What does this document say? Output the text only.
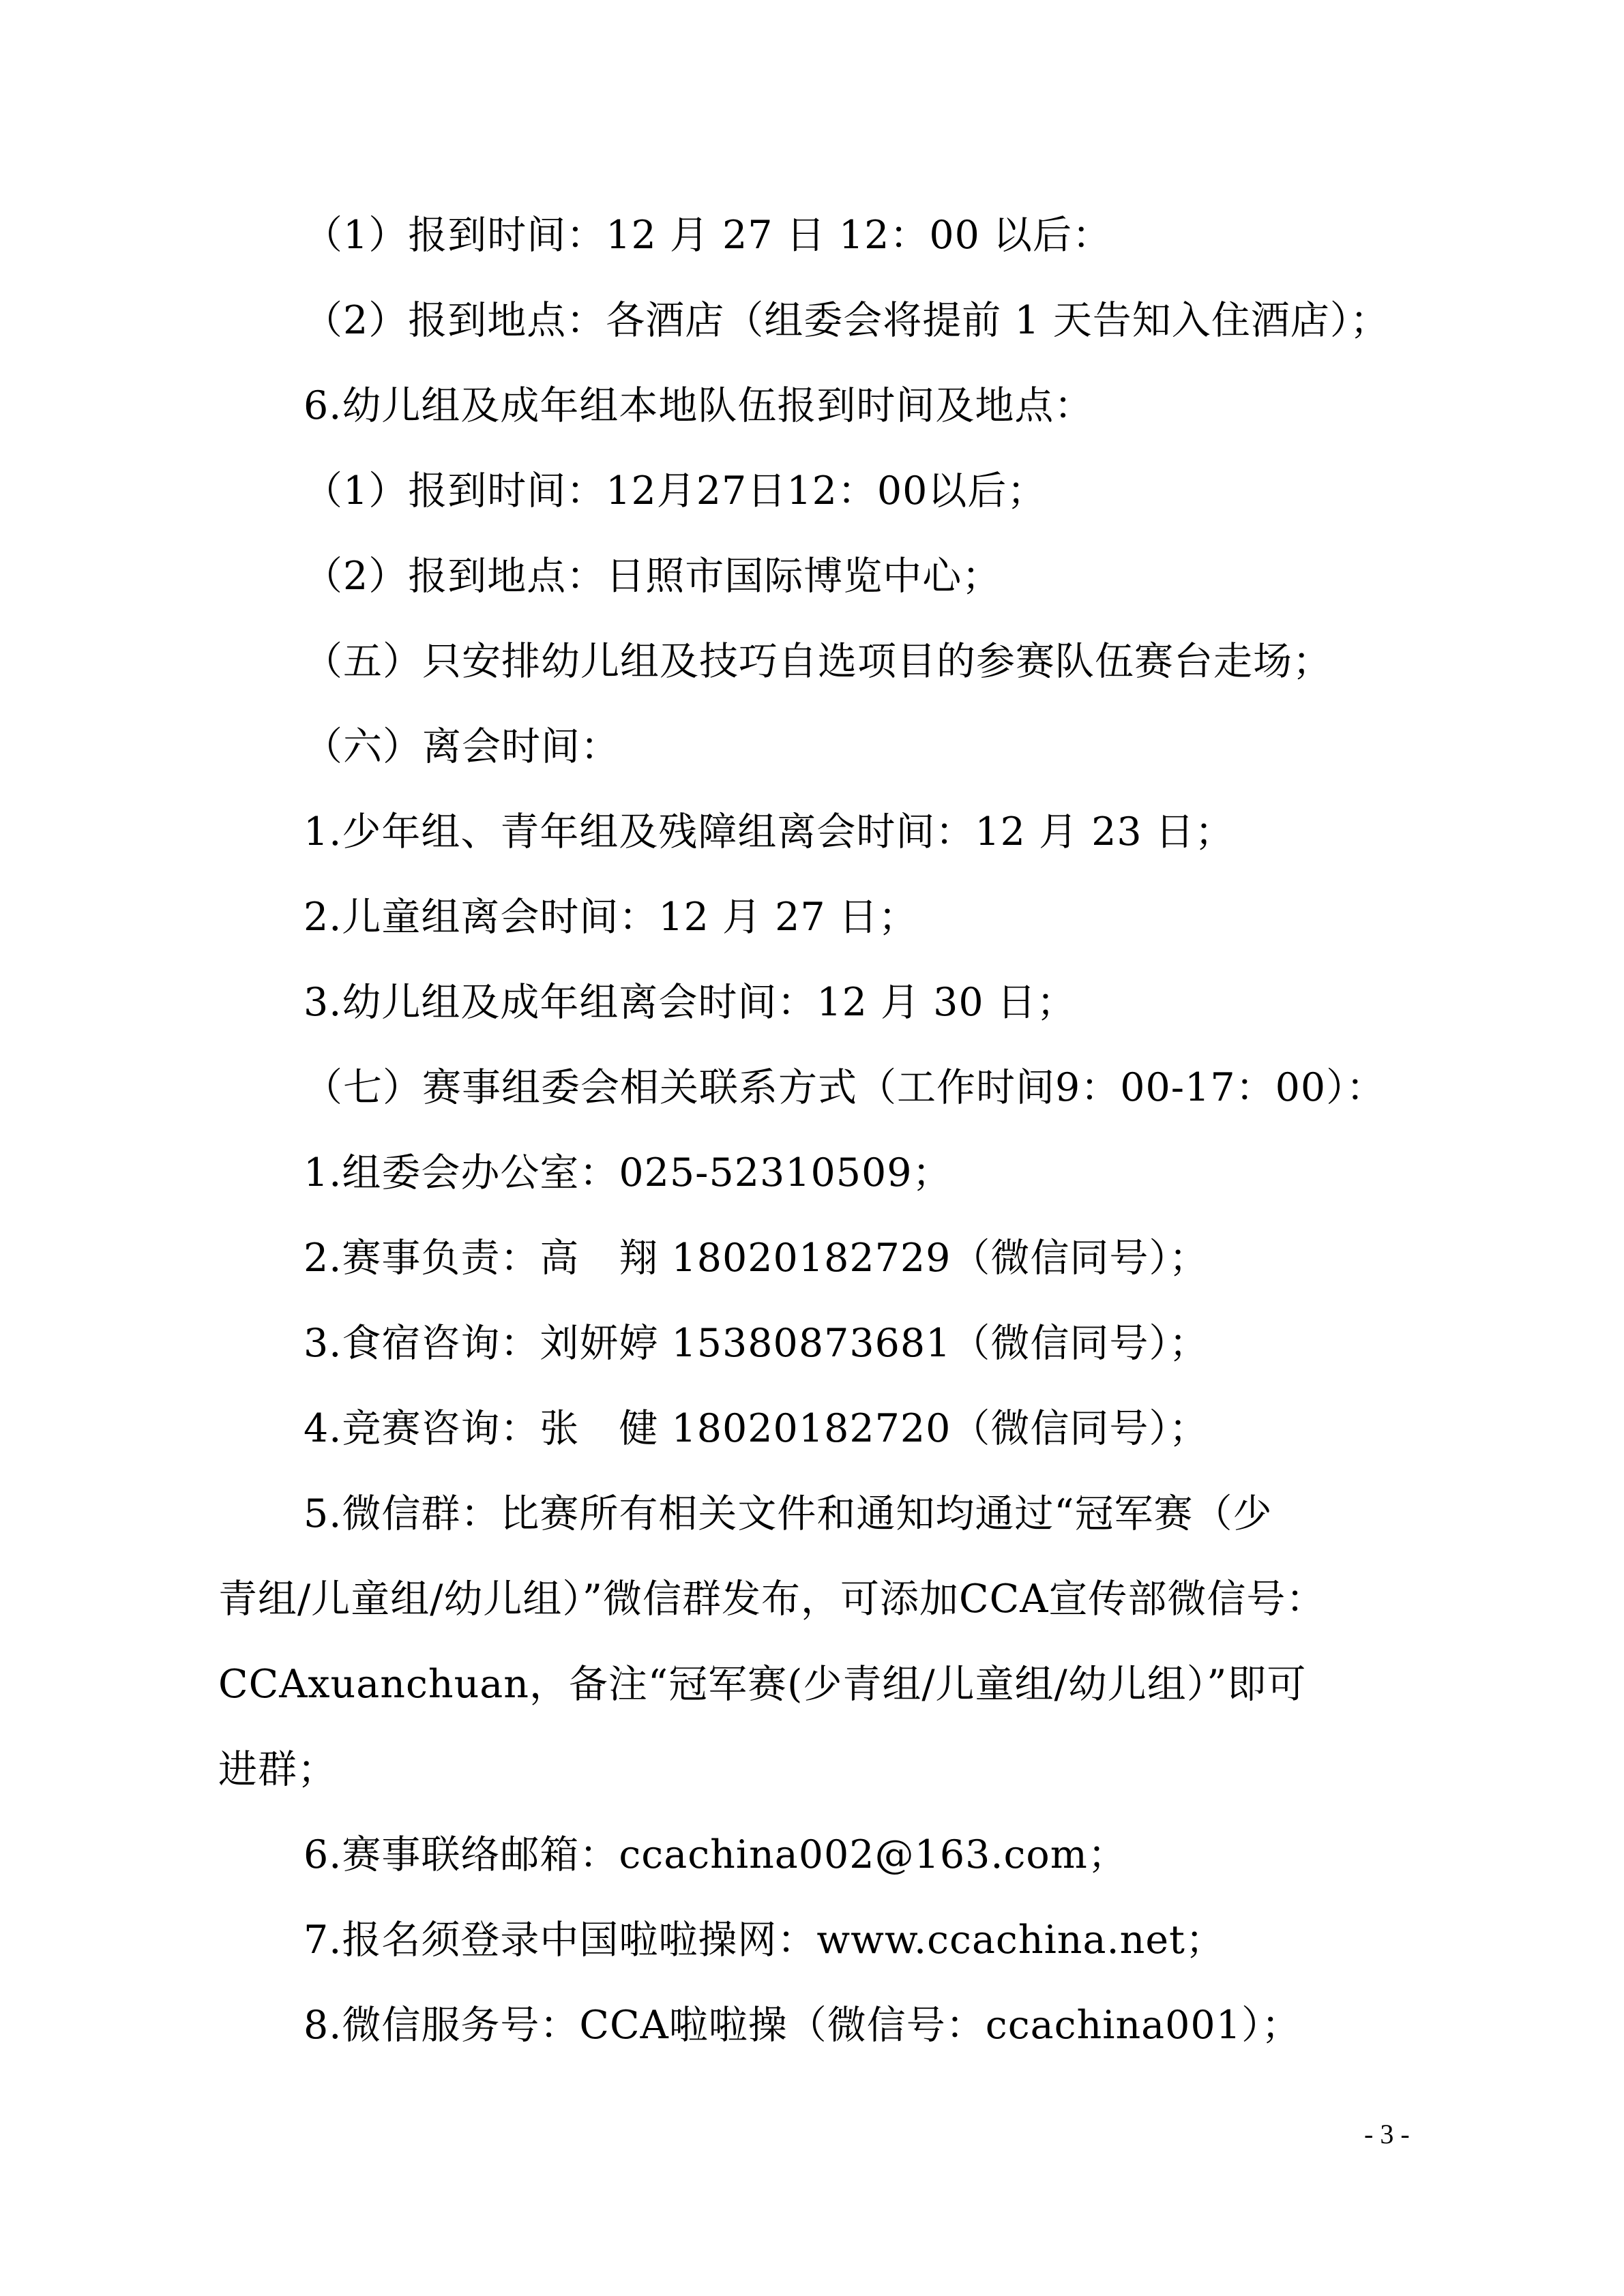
（1）报到时间：12 月 27 日 12：00 以后：
（2）报到地点：各酒店（组委会将提前 1 天告知入住酒店）；
6.幼儿组及成年组本地队伍报到时间及地点：
（1）报到时间：12月27日12：00以后；
（2）报到地点：日照市国际博览中心；
（五）只安排幼儿组及技巧自选项目的参赛队伍赛台走场；
（六）离会时间：
1.少年组、青年组及残障组离会时间：12 月 23 日；
2.儿童组离会时间：12 月 27 日；
3.幼儿组及成年组离会时间：12 月 30 日；
（七）赛事组委会相关联系方式（工作时间9：00-17：00）：
1.组委会办公室：025-52310509；
2.赛事负责：高　翔 18020182729（微信同号）；
3.食宿咨询：刘妍婷 15380873681（微信同号）；
4.竞赛咨询：张　健 18020182720（微信同号）；
5.微信群：比赛所有相关文件和通知均通过“冠军赛（少
青组/儿童组/幼儿组）”微信群发布，可添加CCA宣传部微信号：
CCAxuanchuan，备注“冠军赛(少青组/儿童组/幼儿组）”即可
进群；
6.赛事联络邮箱：ccachina002@163.com；
7.报名须登录中国啦啦操网：www.ccachina.net；
8.微信服务号：CCA啦啦操（微信号：ccachina001）；
- 3 -
